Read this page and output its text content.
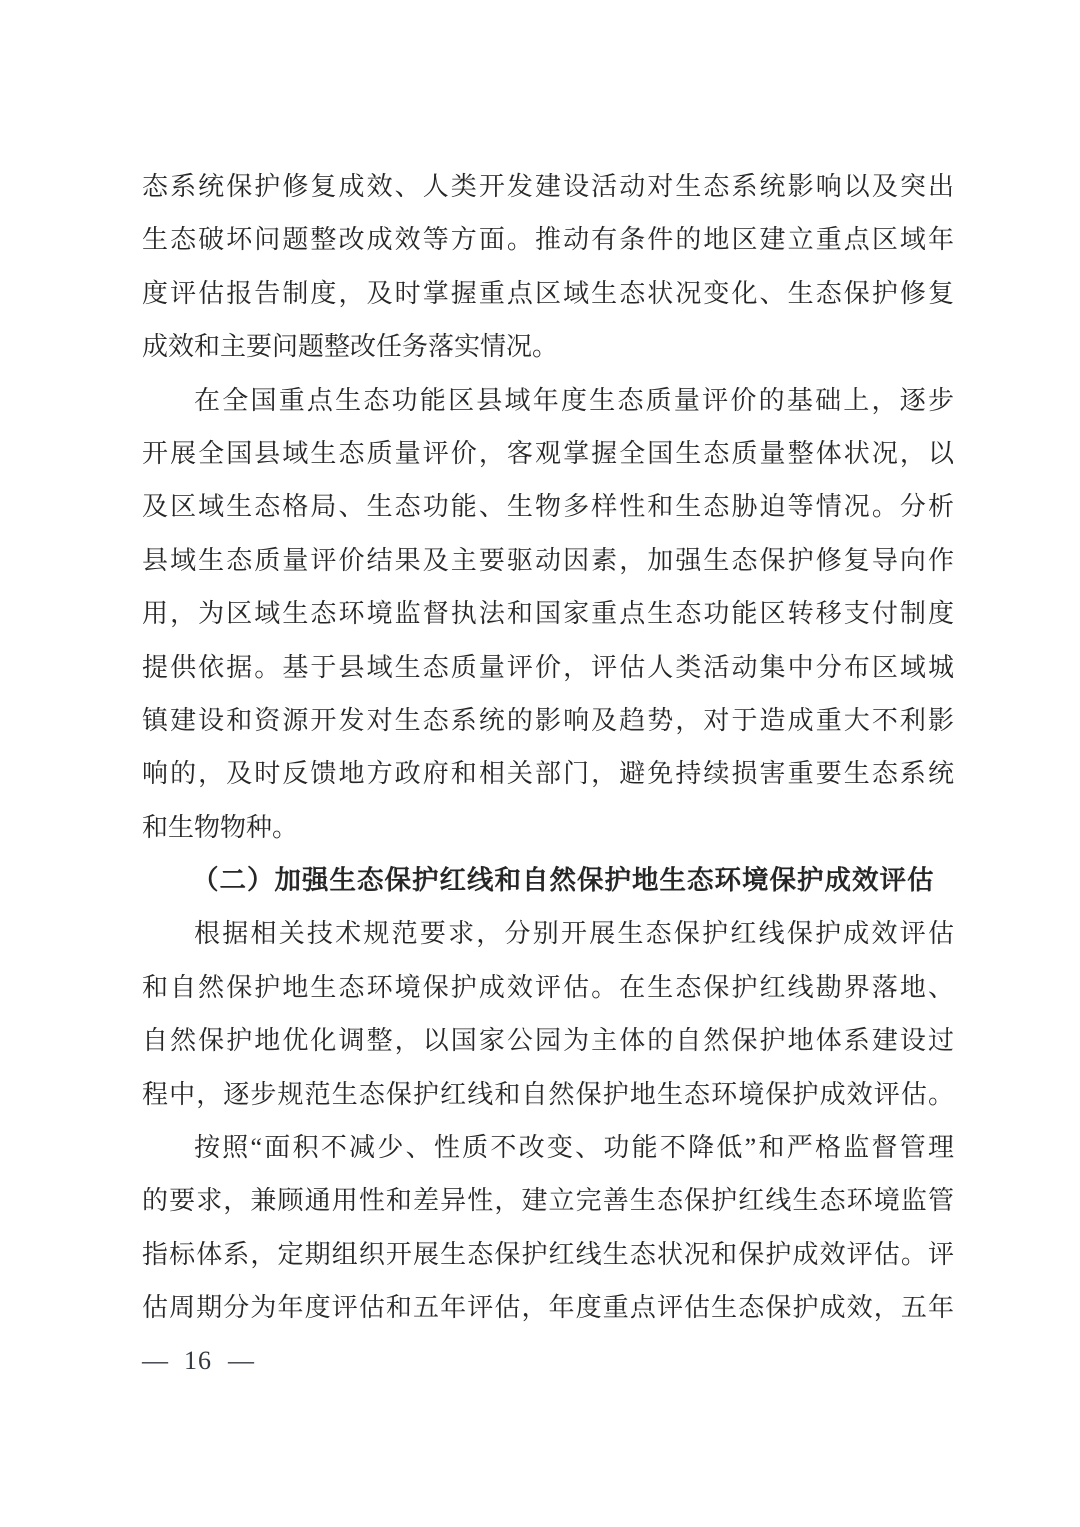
态系统保护修复成效、人类开发建设活动对生态系统影响以及突出
生态破坏问题整改成效等方面。推动有条件的地区建立重点区域年
度评估报告制度，及时掌握重点区域生态状况变化、生态保护修复
成效和主要问题整改任务落实情况。
在全国重点生态功能区县域年度生态质量评价的基础上，逐步
开展全国县域生态质量评价，客观掌握全国生态质量整体状况，以
及区域生态格局、生态功能、生物多样性和生态胁迫等情况。分析
县域生态质量评价结果及主要驱动因素，加强生态保护修复导向作
用，为区域生态环境监督执法和国家重点生态功能区转移支付制度
提供依据。基于县域生态质量评价，评估人类活动集中分布区域城
镇建设和资源开发对生态系统的影响及趋势，对于造成重大不利影
响的，及时反馈地方政府和相关部门，避免持续损害重要生态系统
和生物物种。
（二）加强生态保护红线和自然保护地生态环境保护成效评估
根据相关技术规范要求，分别开展生态保护红线保护成效评估
和自然保护地生态环境保护成效评估。在生态保护红线勘界落地、
自然保护地优化调整，以国家公园为主体的自然保护地体系建设过
程中，逐步规范生态保护红线和自然保护地生态环境保护成效评估。
按照“面积不减少、性质不改变、功能不降低”和严格监督管理
的要求，兼顾通用性和差异性，建立完善生态保护红线生态环境监管
指标体系，定期组织开展生态保护红线生态状况和保护成效评估。评
估周期分为年度评估和五年评估，年度重点评估生态保护成效，五年
— 16 —
